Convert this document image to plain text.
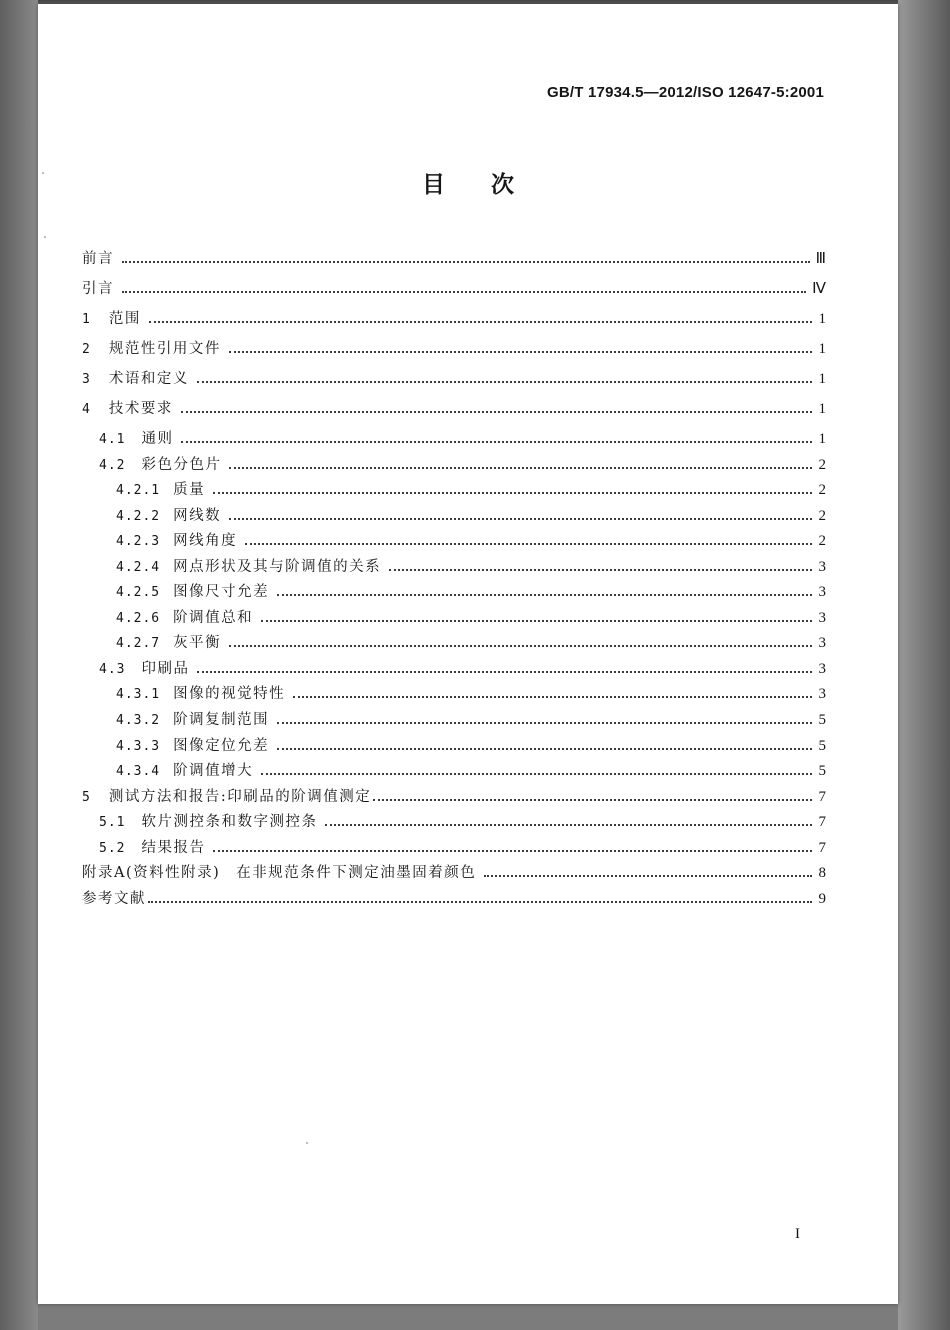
GB/T 17934.5—2012/ISO 12647-5:2001
目次
前言	Ⅲ
引言	Ⅳ
1 范围	1
2 规范性引用文件	1
3 术语和定义	1
4 技术要求	1
4.1 通则	1
4.2 彩色分色片	2
4.2.1 质量	2
4.2.2 网线数	2
4.2.3 网线角度	2
4.2.4 网点形状及其与阶调值的关系	3
4.2.5 图像尺寸允差	3
4.2.6 阶调值总和	3
4.2.7 灰平衡	3
4.3 印刷品	3
4.3.1 图像的视觉特性	3
4.3.2 阶调复制范围	5
4.3.3 图像定位允差	5
4.3.4 阶调值增大	5
5 测试方法和报告:印刷品的阶调值测定	7
5.1 软片测控条和数字测控条	7
5.2 结果报告	7
附录A(资料性附录)　在非规范条件下测定油墨固着颜色	8
参考文献	9
I
